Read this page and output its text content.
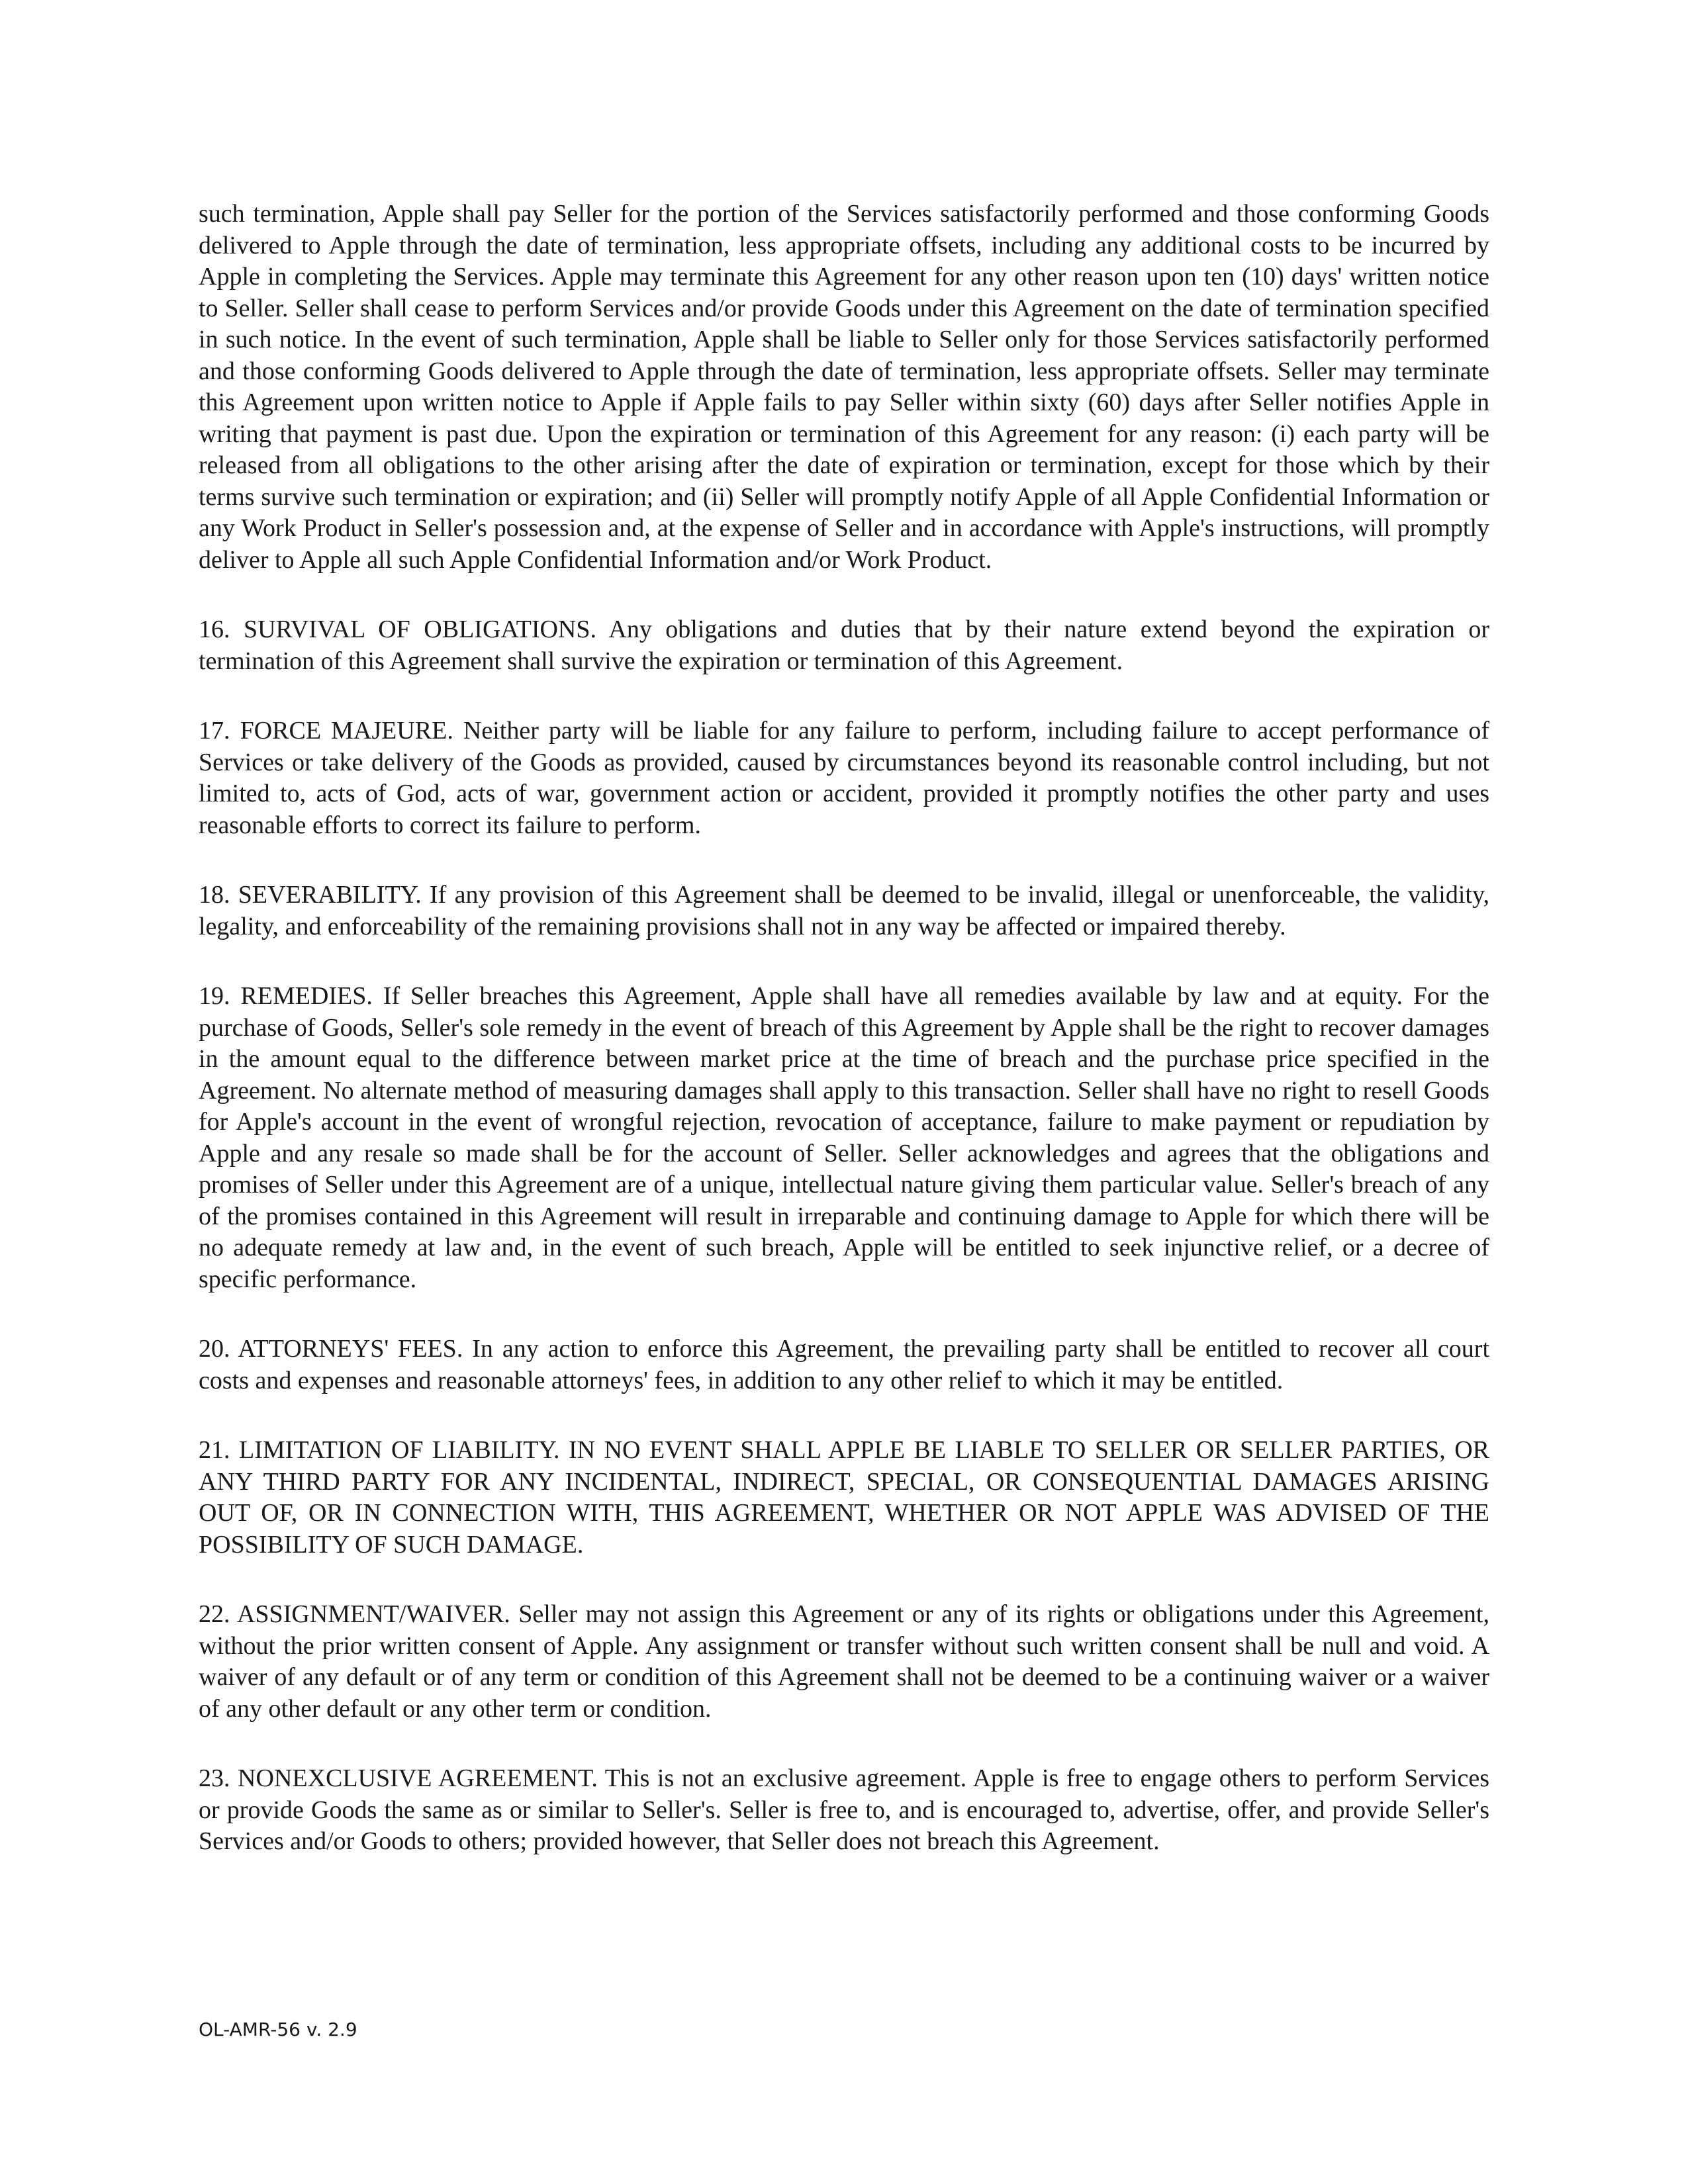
such termination, Apple shall pay Seller for the portion of the Services satisfactorily performed and those conforming Goods delivered to Apple through the date of termination, less appropriate offsets, including any additional costs to be incurred by Apple in completing the Services. Apple may terminate this Agreement for any other reason upon ten (10) days' written notice to Seller. Seller shall cease to perform Services and/or provide Goods under this Agreement on the date of termination specified in such notice. In the event of such termination, Apple shall be liable to Seller only for those Services satisfactorily performed and those conforming Goods delivered to Apple through the date of termination, less appropriate offsets. Seller may terminate this Agreement upon written notice to Apple if Apple fails to pay Seller within sixty (60) days after Seller notifies Apple in writing that payment is past due. Upon the expiration or termination of this Agreement for any reason: (i) each party will be released from all obligations to the other arising after the date of expiration or termination, except for those which by their terms survive such termination or expiration; and (ii) Seller will promptly notify Apple of all Apple Confidential Information or any Work Product in Seller's possession and, at the expense of Seller and in accordance with Apple's instructions, will promptly deliver to Apple all such Apple Confidential Information and/or Work Product.

16. SURVIVAL OF OBLIGATIONS. Any obligations and duties that by their nature extend beyond the expiration or termination of this Agreement shall survive the expiration or termination of this Agreement.

17. FORCE MAJEURE. Neither party will be liable for any failure to perform, including failure to accept performance of Services or take delivery of the Goods as provided, caused by circumstances beyond its reasonable control including, but not limited to, acts of God, acts of war, government action or accident, provided it promptly notifies the other party and uses reasonable efforts to correct its failure to perform.

18. SEVERABILITY. If any provision of this Agreement shall be deemed to be invalid, illegal or unenforceable, the validity, legality, and enforceability of the remaining provisions shall not in any way be affected or impaired thereby.

19. REMEDIES. If Seller breaches this Agreement, Apple shall have all remedies available by law and at equity. For the purchase of Goods, Seller's sole remedy in the event of breach of this Agreement by Apple shall be the right to recover damages in the amount equal to the difference between market price at the time of breach and the purchase price specified in the Agreement. No alternate method of measuring damages shall apply to this transaction. Seller shall have no right to resell Goods for Apple's account in the event of wrongful rejection, revocation of acceptance, failure to make payment or repudiation by Apple and any resale so made shall be for the account of Seller. Seller acknowledges and agrees that the obligations and promises of Seller under this Agreement are of a unique, intellectual nature giving them particular value. Seller's breach of any of the promises contained in this Agreement will result in irreparable and continuing damage to Apple for which there will be no adequate remedy at law and, in the event of such breach, Apple will be entitled to seek injunctive relief, or a decree of specific performance.

20. ATTORNEYS' FEES. In any action to enforce this Agreement, the prevailing party shall be entitled to recover all court costs and expenses and reasonable attorneys' fees, in addition to any other relief to which it may be entitled.

21. LIMITATION OF LIABILITY. IN NO EVENT SHALL APPLE BE LIABLE TO SELLER OR SELLER PARTIES, OR ANY THIRD PARTY FOR ANY INCIDENTAL, INDIRECT, SPECIAL, OR CONSEQUENTIAL DAMAGES ARISING OUT OF, OR IN CONNECTION WITH, THIS AGREEMENT, WHETHER OR NOT APPLE WAS ADVISED OF THE POSSIBILITY OF SUCH DAMAGE.

22. ASSIGNMENT/WAIVER. Seller may not assign this Agreement or any of its rights or obligations under this Agreement, without the prior written consent of Apple. Any assignment or transfer without such written consent shall be null and void. A waiver of any default or of any term or condition of this Agreement shall not be deemed to be a continuing waiver or a waiver of any other default or any other term or condition.

23. NONEXCLUSIVE AGREEMENT. This is not an exclusive agreement. Apple is free to engage others to perform Services or provide Goods the same as or similar to Seller's. Seller is free to, and is encouraged to, advertise, offer, and provide Seller's Services and/or Goods to others; provided however, that Seller does not breach this Agreement.

OL-AMR-56 v. 2.9
